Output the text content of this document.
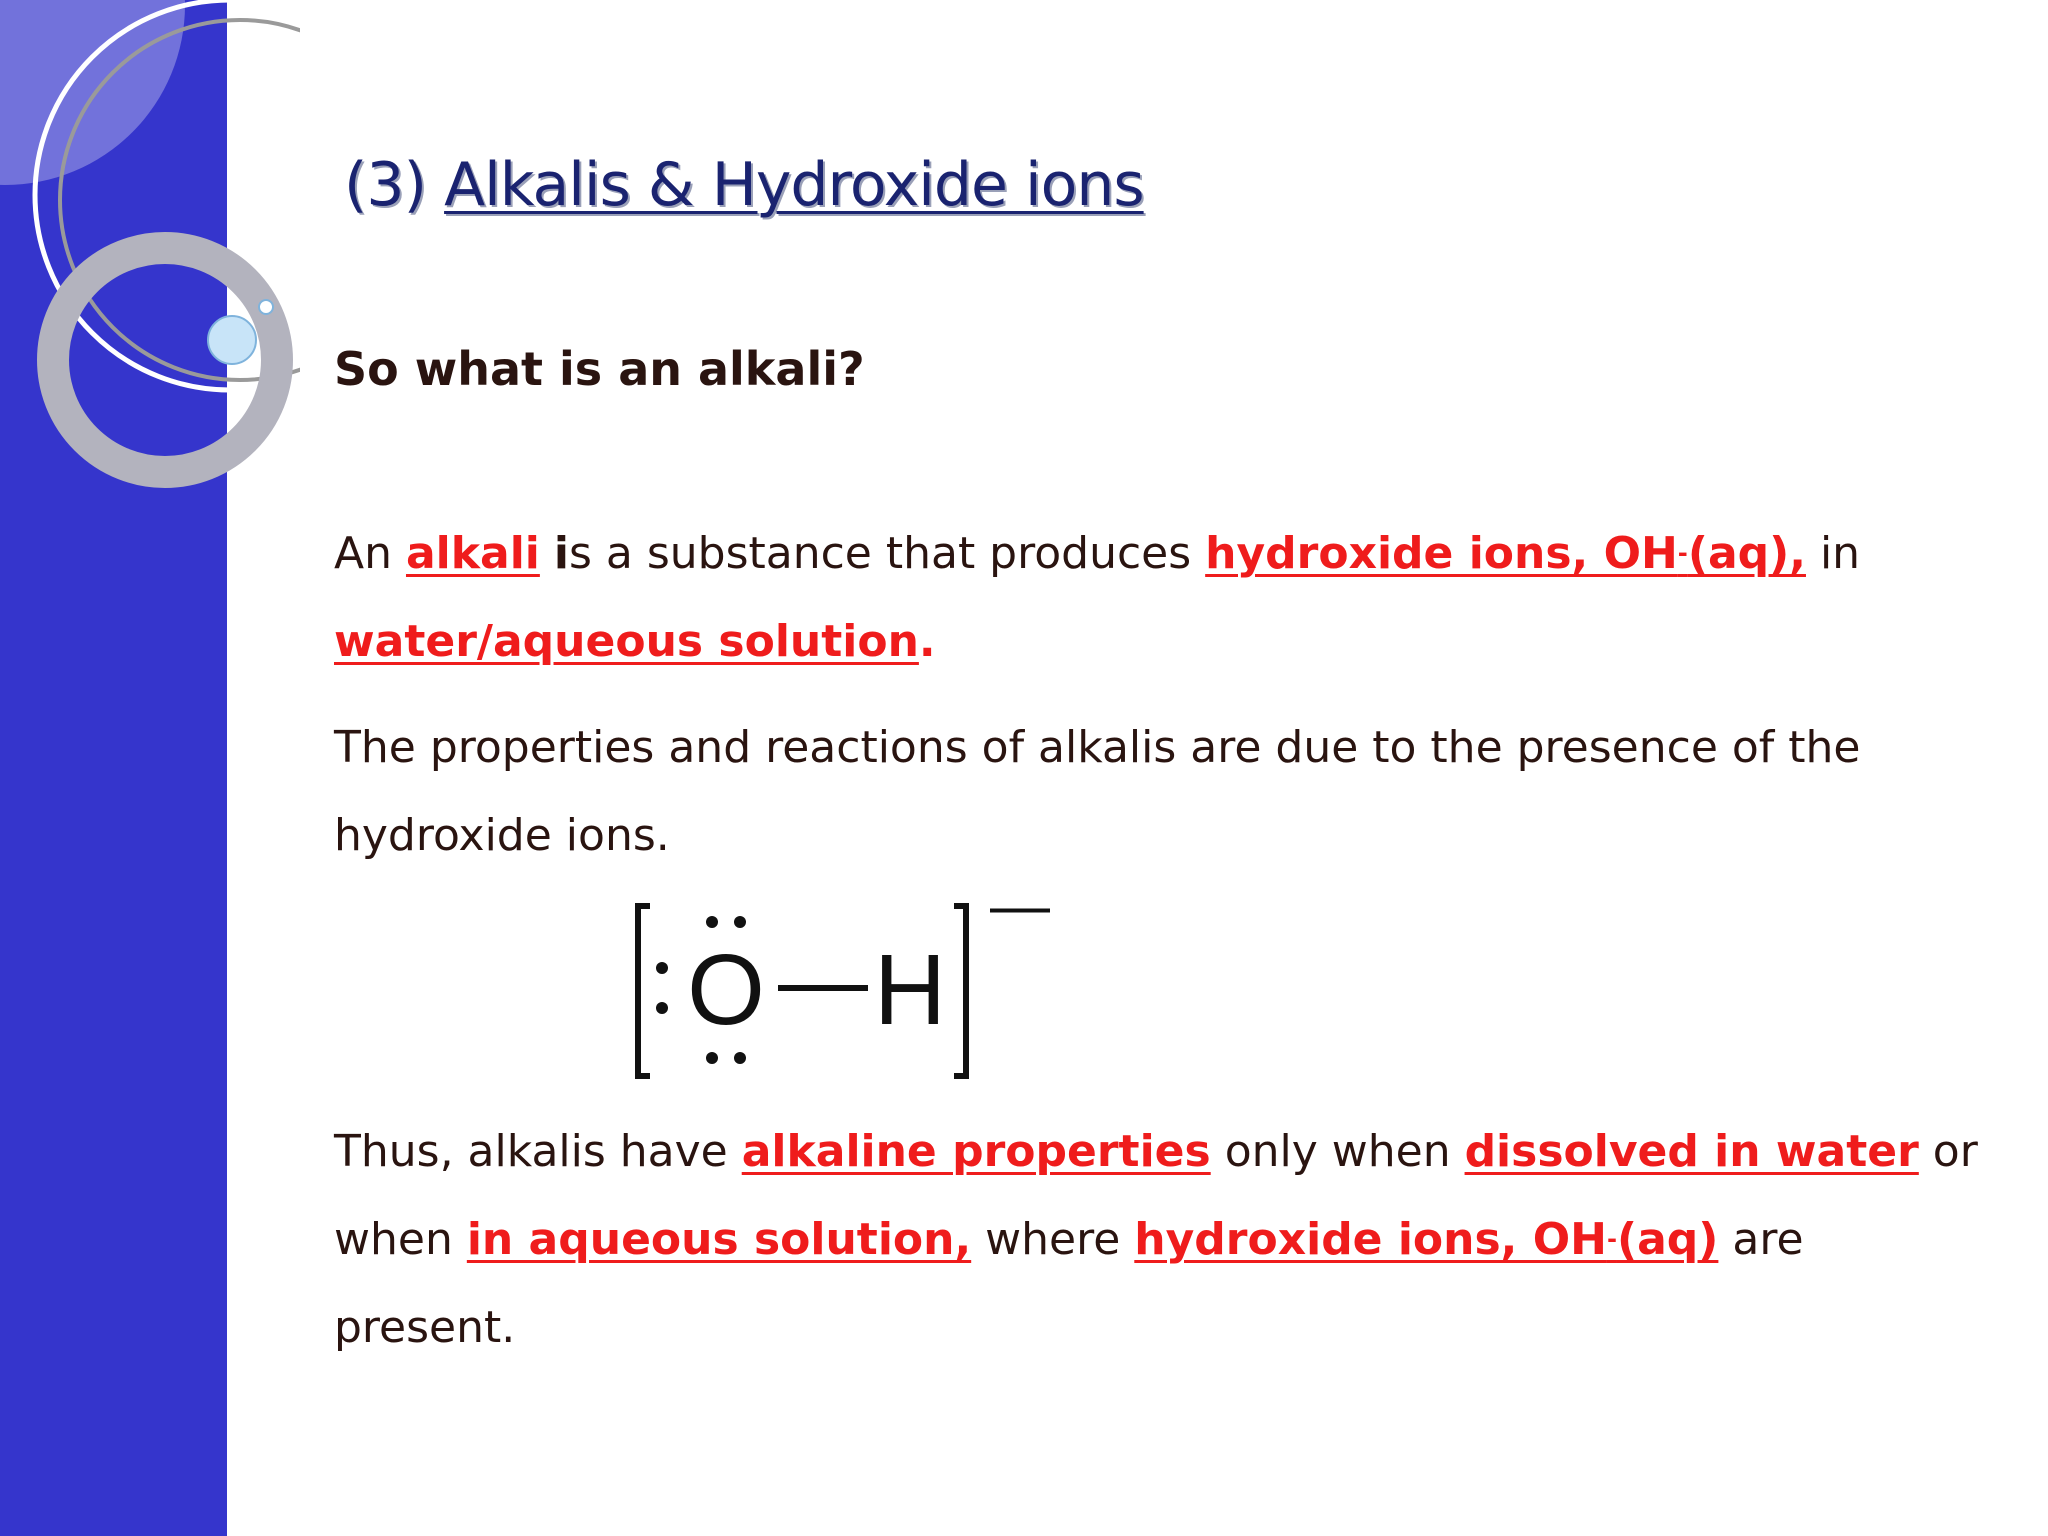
(3) Alkalis & Hydroxide ions

So what is an alkali?

An alkali is a substance that produces hydroxide ions, OH-(aq), in water/aqueous solution.

The properties and reactions of alkalis are due to the presence of the hydroxide ions.

O H
—

Thus, alkalis have alkaline properties only when dissolved in water or when in aqueous solution, where hydroxide ions, OH-(aq) are present.
